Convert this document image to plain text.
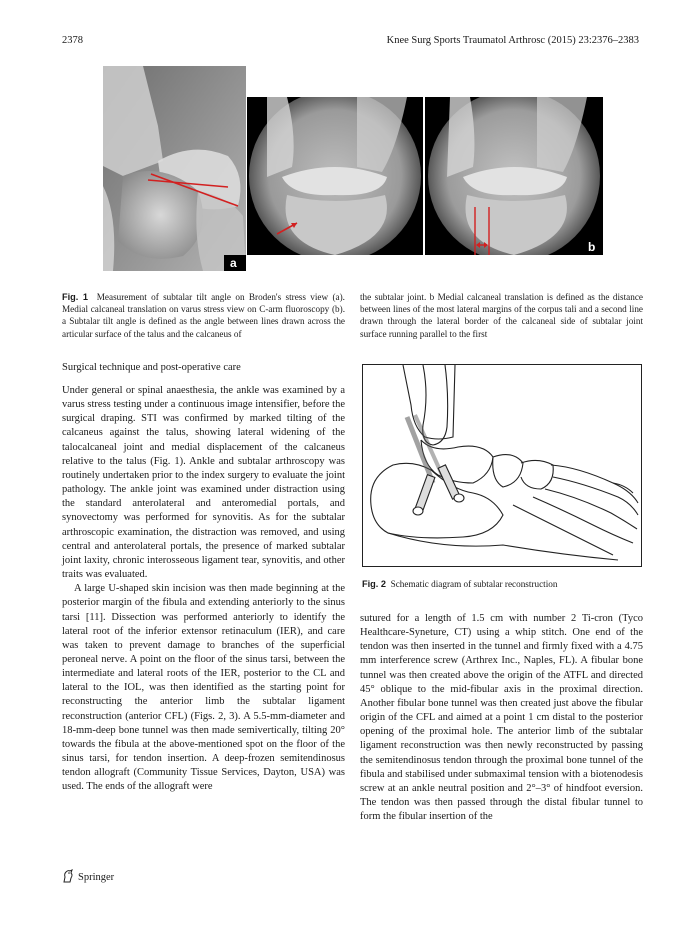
2378	Knee Surg Sports Traumatol Arthrosc (2015) 23:2376–2383
a
b
Fig. 1 Measurement of subtalar tilt angle on Broden's stress view (a). Medial calcaneal translation on varus stress view on C-arm fluoroscopy (b). a Subtalar tilt angle is defined as the angle between lines drawn across the articular surface of the talus and the calcaneus of
the subtalar joint. b Medial calcaneal translation is defined as the distance between lines of the most lateral margins of the corpus tali and a second line drawn through the lateral border of the calcaneal side of subtalar joint surface running parallel to the first
Surgical technique and post-operative care

Under general or spinal anaesthesia, the ankle was examined by a varus stress testing under a continuous image intensifier, before the surgical draping. STI was confirmed by marked tilting of the calcaneus against the talus, showing lateral widening of the talocalcaneal joint and medial displacement of the calcaneus relative to the talus (Fig. 1). Ankle and subtalar arthroscopy was routinely undertaken prior to the index surgery to evaluate the joint pathology. The ankle joint was examined under distraction using the standard anterolateral and anteromedial portals, and synovectomy was performed for synovitis. As for the subtalar arthroscopic examination, the distraction was removed, and using central and anterolateral portals, the presence of marked subtalar joint laxity, chronic interosseous ligament tear, synovitis, and other traits was evaluated.

A large U-shaped skin incision was then made beginning at the posterior margin of the fibula and extending anteriorly to the sinus tarsi [11]. Dissection was performed anteriorly to identify the lateral root of the inferior extensor retinaculum (IER), and care was taken to prevent damage to branches of the superficial peroneal nerve. A point on the floor of the sinus tarsi, between the intermediate and lateral roots of the IER, posterior to the CL and lateral to the IOL, was then identified as the starting point for reconstructing the anterior limb the subtalar ligament reconstruction (anterior CFL) (Figs. 2, 3). A 5.5-mm-diameter and 18-mm-deep bone tunnel was then made semivertically, tilting 20° towards the fibula at the above-mentioned spot on the floor of the sinus tarsi, for tendon insertion. A deep-frozen semitendinosus tendon allograft (Community Tissue Services, Dayton, USA) was used. The ends of the allograft were

Fig. 2 Schematic diagram of subtalar reconstruction

sutured for a length of 1.5 cm with number 2 Ti-cron (Tyco Healthcare-Syneture, CT) using a whip stitch. One end of the tendon was then inserted in the tunnel and firmly fixed with a 4.75 mm interference screw (Arthrex Inc., Naples, FL). A fibular bone tunnel was then created above the origin of the ATFL and directed 45° oblique to the mid-fibular axis in the proximal direction. Another fibular bone tunnel was then created just above the fibular origin of the CFL and aimed at a point 1 cm distal to the posterior opening of the proximal hole. The anterior limb of the subtalar ligament reconstruction was then newly reconstructed by passing the semitendinosus tendon through the proximal bone tunnel of the fibula and stabilised under submaximal tension with a biotenodesis screw at an ankle neutral position and 2°–3° of hindfoot eversion. The tendon was then passed through the distal fibular tunnel to form the fibular insertion of the

Springer
